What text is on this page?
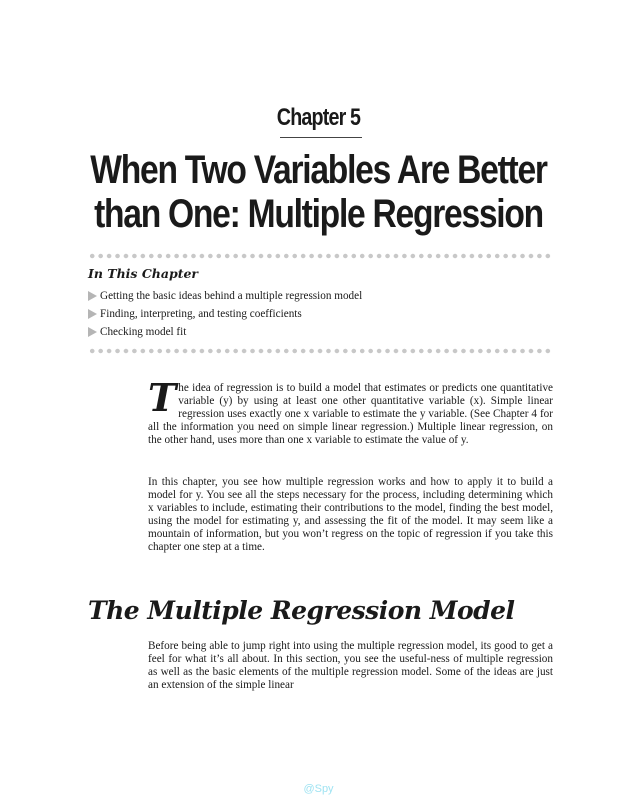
Chapter 5
When Two Variables Are Better
than One: Multiple Regression
In This Chapter
Getting the basic ideas behind a multiple regression model
Finding, interpreting, and testing coefficients
Checking model fit

The idea of regression is to build a model that estimates or predicts one quantitative variable (y) by using at least one other quantitative variable (x). Simple linear regression uses exactly one x variable to estimate the y variable. (See Chapter 4 for all the information you need on simple linear regression.) Multiple linear regression, on the other hand, uses more than one x variable to estimate the value of y.

In this chapter, you see how multiple regression works and how to apply it to build a model for y. You see all the steps necessary for the process, including determining which x variables to include, estimating their contributions to the model, finding the best model, using the model for estimating y, and assessing the fit of the model. It may seem like a mountain of information, but you won’t regress on the topic of regression if you take this chapter one step at a time.

The Multiple Regression Model

Before being able to jump right into using the multiple regression model, its good to get a feel for what it’s all about. In this section, you see the useful-ness of multiple regression as well as the basic elements of the multiple regression model. Some of the ideas are just an extension of the simple linear

@Spy
